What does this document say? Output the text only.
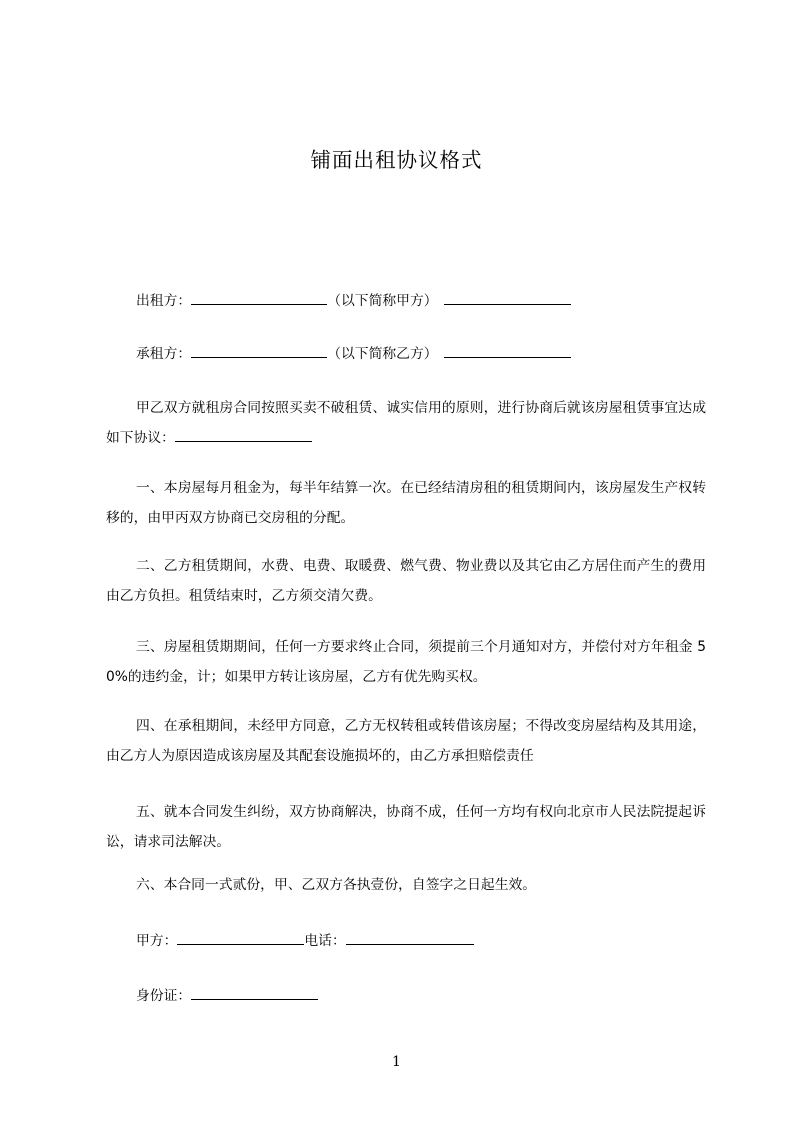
铺面出租协议格式
出租方：	（以下简称甲方）
承租方：	（以下简称乙方）
甲乙双方就租房合同按照买卖不破租赁、诚实信用的原则，进行协商后就该房屋租赁事宜达成如下协议：
一、本房屋每月租金为，每半年结算一次。在已经结清房租的租赁期间内，该房屋发生产权转移的，由甲丙双方协商已交房租的分配。
二、乙方租赁期间，水费、电费、取暖费、燃气费、物业费以及其它由乙方居住而产生的费用由乙方负担。租赁结束时，乙方须交清欠费。
三、房屋租赁期期间，任何一方要求终止合同，须提前三个月通知对方，并偿付对方年租金 50%的违约金，计；如果甲方转让该房屋，乙方有优先购买权。
四、在承租期间，未经甲方同意，乙方无权转租或转借该房屋；不得改变房屋结构及其用途，由乙方人为原因造成该房屋及其配套设施损坏的，由乙方承担赔偿责任
五、就本合同发生纠纷，双方协商解决，协商不成，任何一方均有权向北京市人民法院提起诉讼，请求司法解决。
六、本合同一式贰份，甲、乙双方各执壹份，自签字之日起生效。
甲方：	电话：
身份证：
1
